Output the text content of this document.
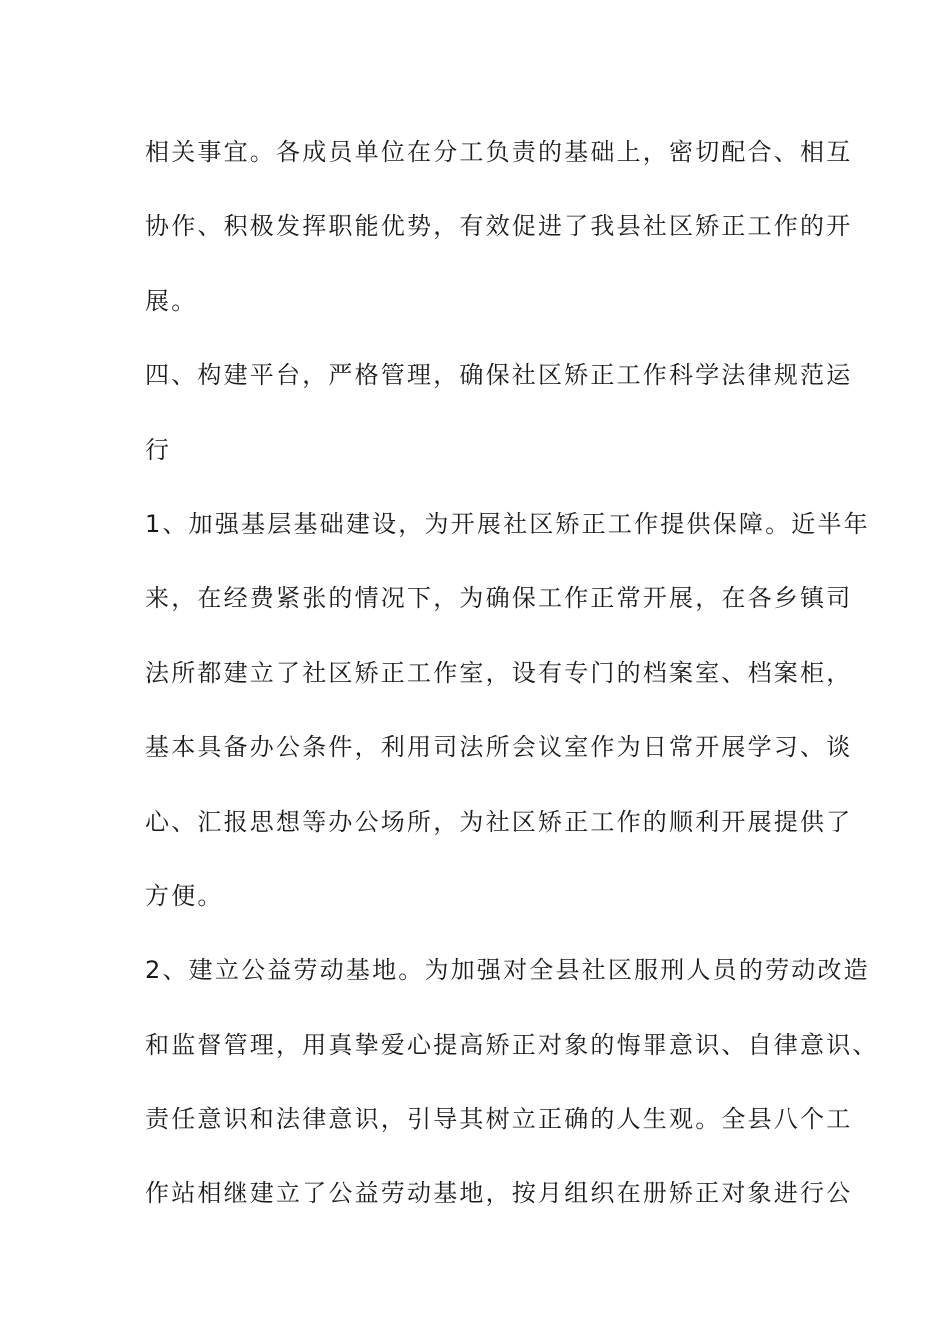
相关事宜。各成员单位在分工负责的基础上，密切配合、相互

协作、积极发挥职能优势，有效促进了我县社区矫正工作的开

展。

四、构建平台，严格管理，确保社区矫正工作科学法律规范运

行

1、加强基层基础建设，为开展社区矫正工作提供保障。近半年

来，在经费紧张的情况下，为确保工作正常开展，在各乡镇司

法所都建立了社区矫正工作室，设有专门的档案室、档案柜，

基本具备办公条件，利用司法所会议室作为日常开展学习、谈

心、汇报思想等办公场所，为社区矫正工作的顺利开展提供了

方便。

2、建立公益劳动基地。为加强对全县社区服刑人员的劳动改造

和监督管理，用真挚爱心提高矫正对象的悔罪意识、自律意识、

责任意识和法律意识，引导其树立正确的人生观。全县八个工

作站相继建立了公益劳动基地，按月组织在册矫正对象进行公
